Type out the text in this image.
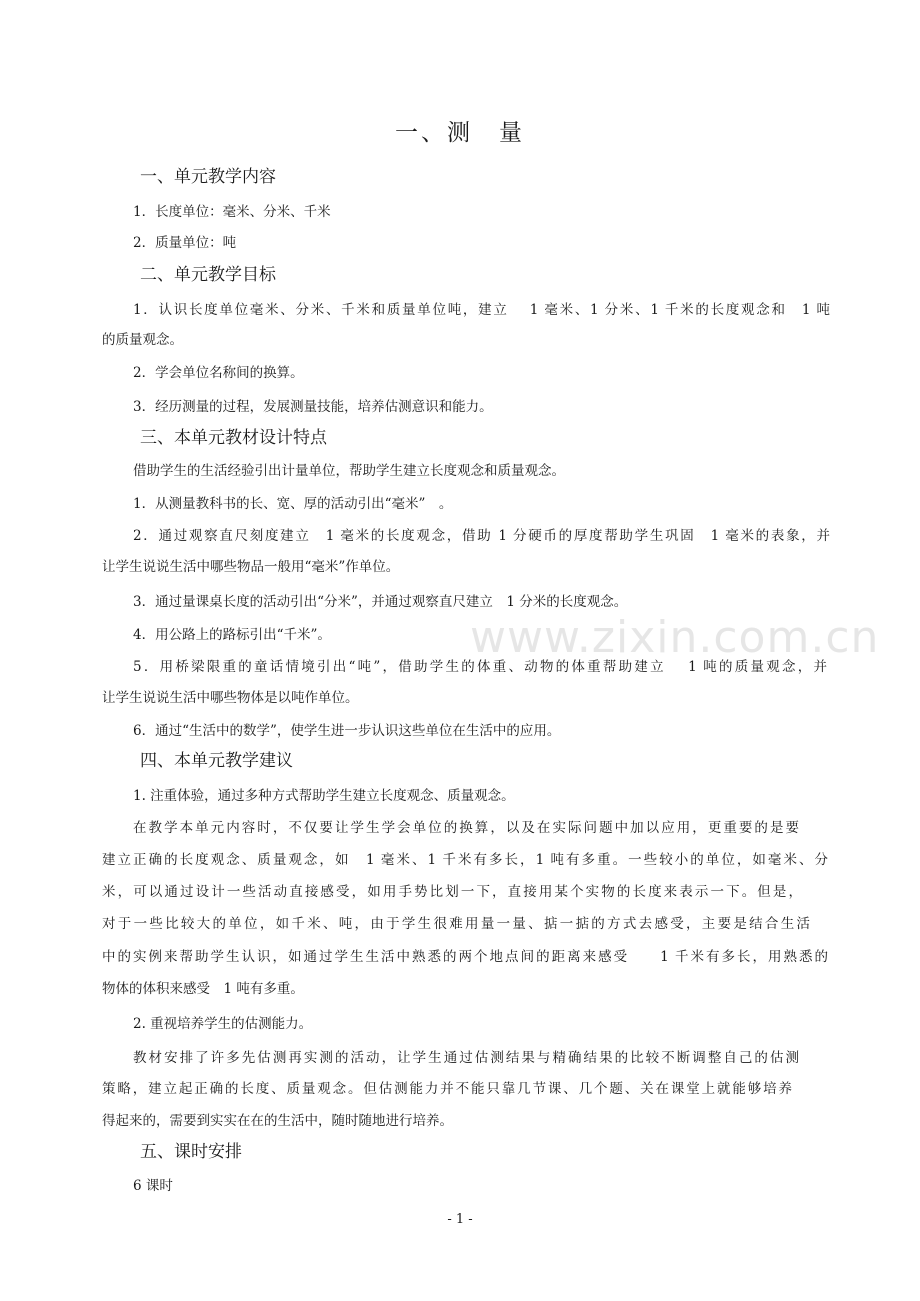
www.zixin.com.cn
一、测　量
一、单元教学内容
1．长度单位：毫米、分米、千米
2．质量单位：吨
二、单元教学目标
1．认识长度单位毫米、分米、千米和质量单位吨，建立　 1 毫米、1 分米、1 千米的长度观念和　1 吨
的质量观念。
2．学会单位名称间的换算。
3．经历测量的过程，发展测量技能，培养估测意识和能力。
三、本单元教材设计特点
借助学生的生活经验引出计量单位，帮助学生建立长度观念和质量观念。
1．从测量教科书的长、宽、厚的活动引出“毫米”　。
2．通过观察直尺刻度建立　1 毫米的长度观念，借助 1 分硬币的厚度帮助学生巩固　1 毫米的表象，并
让学生说说生活中哪些物品一般用“毫米”作单位。
3．通过量课桌长度的活动引出“分米”，并通过观察直尺建立　1 分米的长度观念。
4．用公路上的路标引出“千米”。
5．用桥梁限重的童话情境引出“吨”，借助学生的体重、动物的体重帮助建立　 1 吨的质量观念，并
让学生说说生活中哪些物体是以吨作单位。
6．通过“生活中的数学”，使学生进一步认识这些单位在生活中的应用。
四、本单元教学建议
1. 注重体验，通过多种方式帮助学生建立长度观念、质量观念。
在教学本单元内容时，不仅要让学生学会单位的换算，以及在实际问题中加以应用，更重要的是要
建立正确的长度观念、质量观念，如　1 毫米、1 千米有多长，1 吨有多重。一些较小的单位，如毫米、分
米，可以通过设计一些活动直接感受，如用手势比划一下，直接用某个实物的长度来表示一下。但是，
对于一些比较大的单位，如千米、吨，由于学生很难用量一量、掂一掂的方式去感受，主要是结合生活
中的实例来帮助学生认识，如通过学生生活中熟悉的两个地点间的距离来感受　　1 千米有多长，用熟悉的
物体的体积来感受　1 吨有多重。
2. 重视培养学生的估测能力。
教材安排了许多先估测再实测的活动，让学生通过估测结果与精确结果的比较不断调整自己的估测
策略，建立起正确的长度、质量观念。但估测能力并不能只靠几节课、几个题、关在课堂上就能够培养
得起来的，需要到实实在在的生活中，随时随地进行培养。
五、课时安排
6 课时
- 1 -
